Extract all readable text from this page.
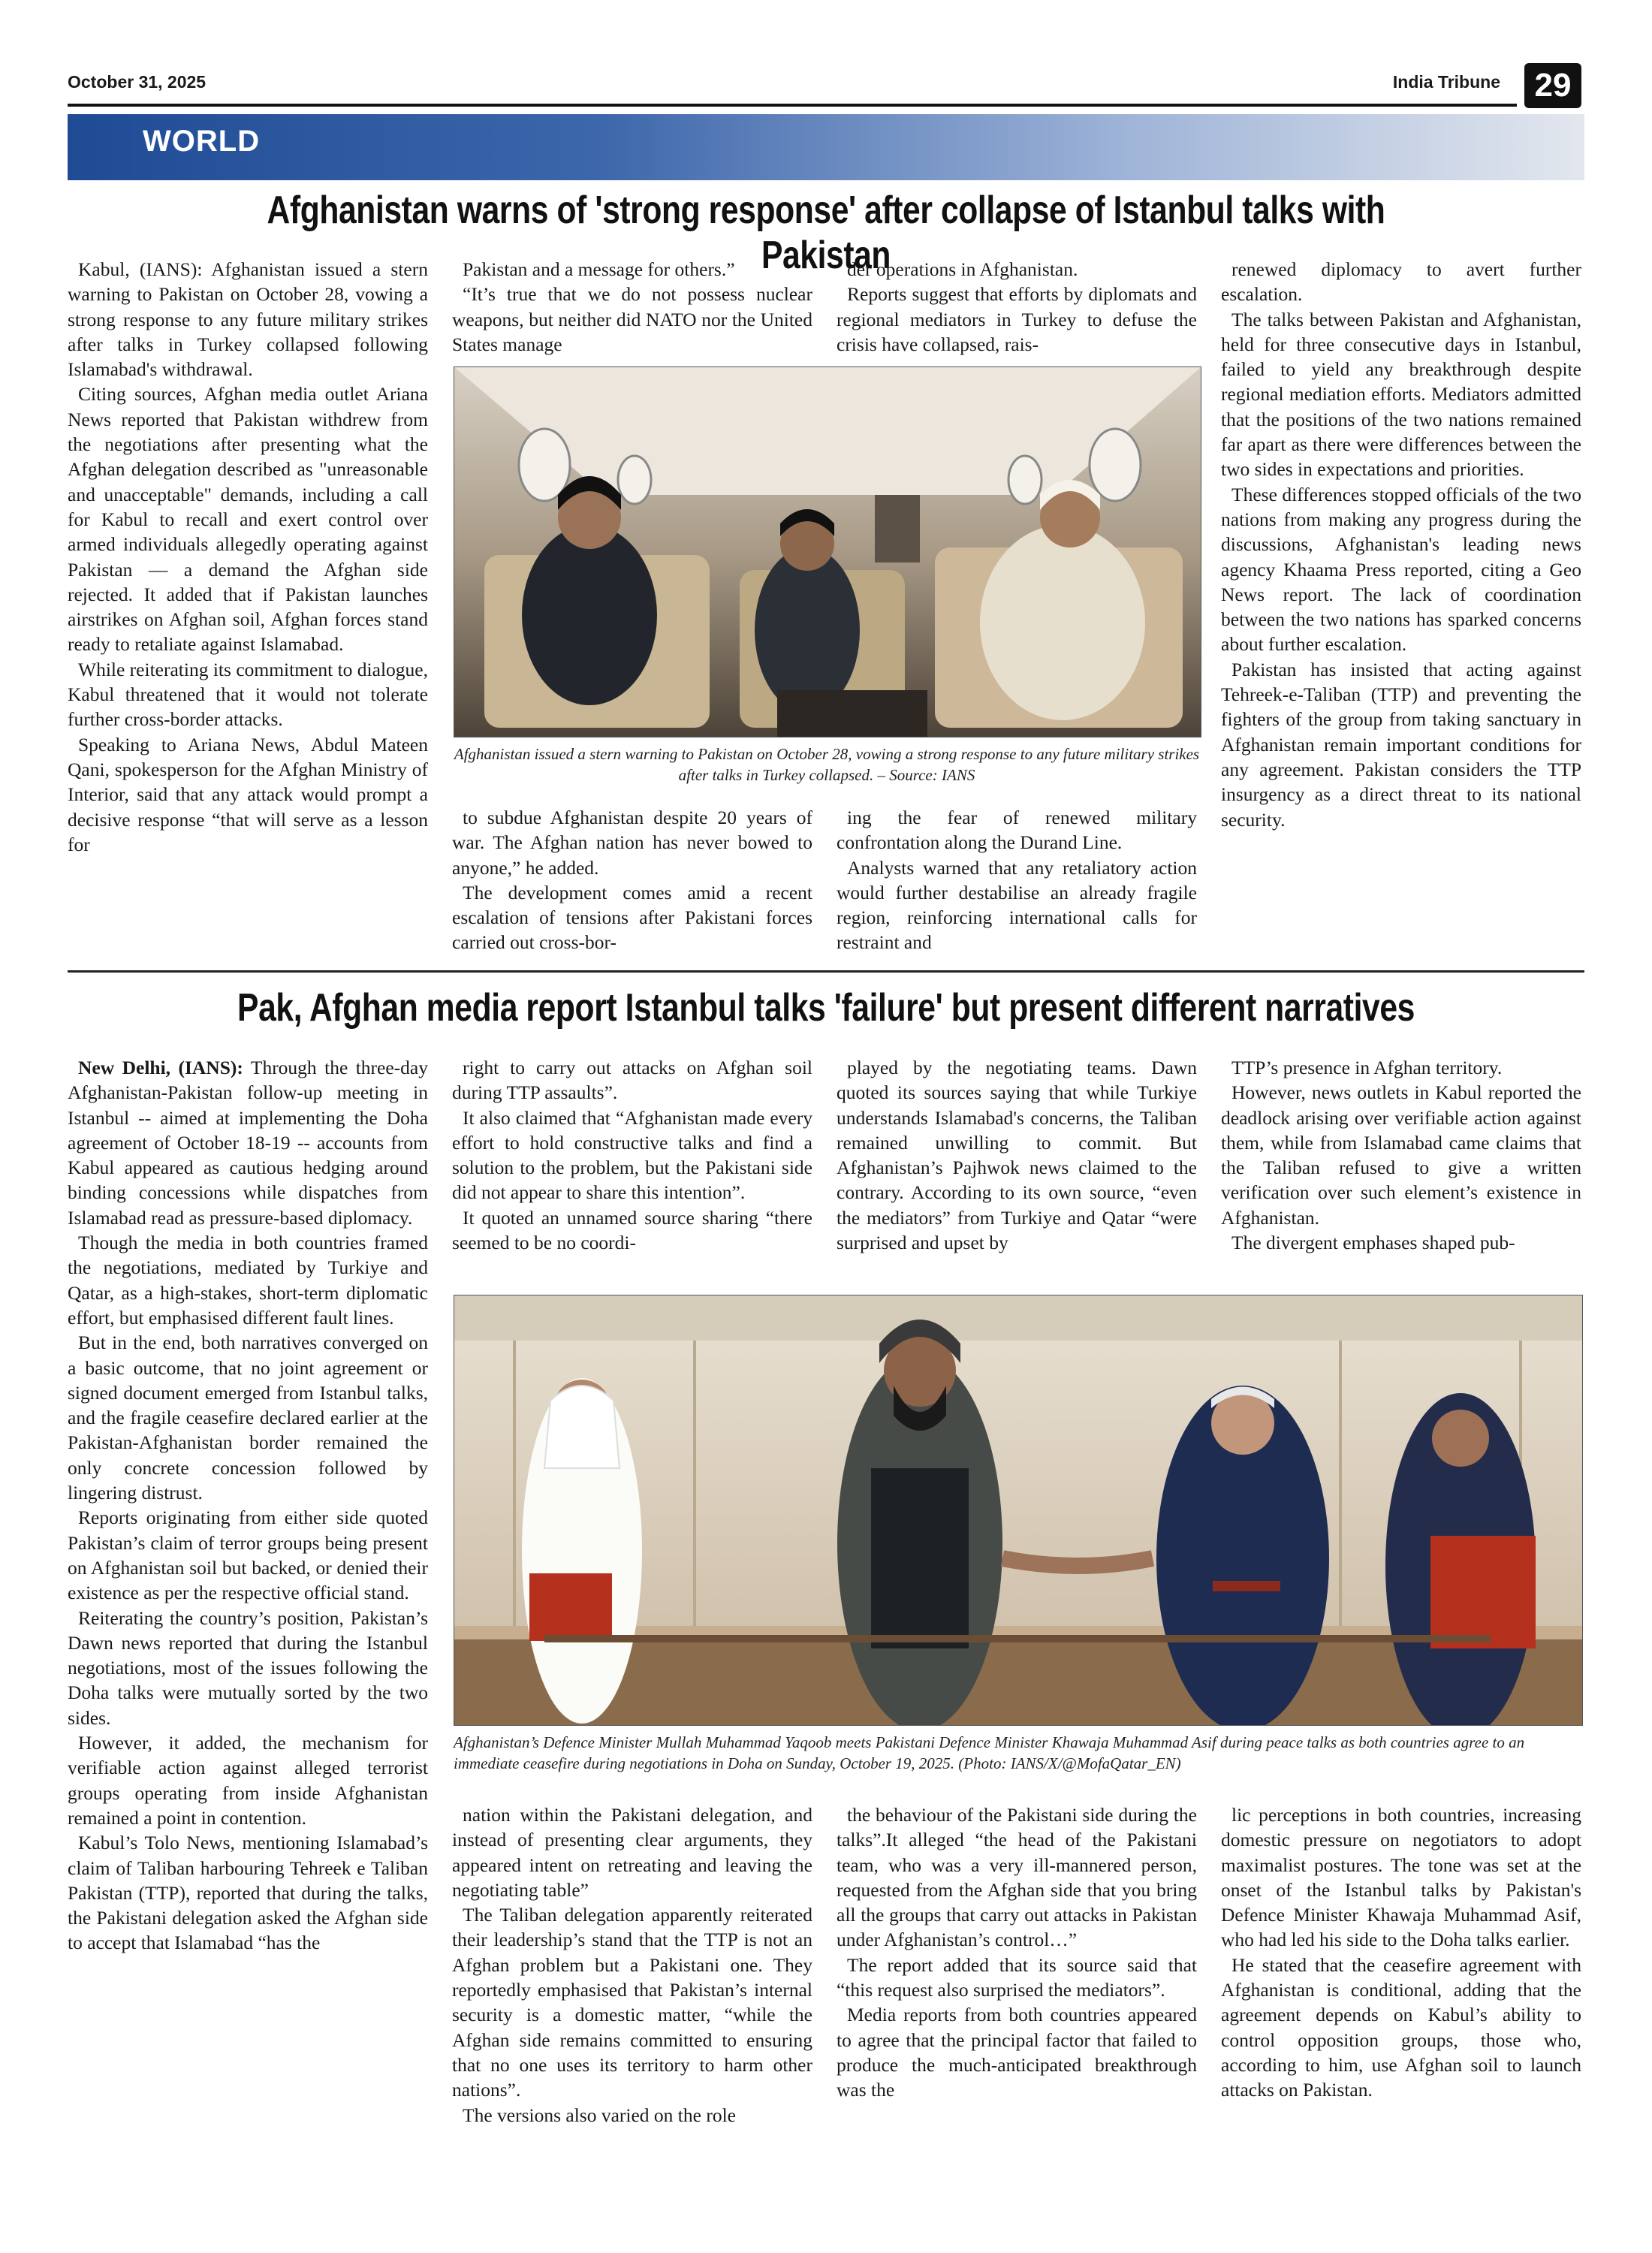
October 31, 2025	India Tribune	29
WORLD
Afghanistan warns of 'strong response' after collapse of Istanbul talks with Pakistan

Kabul, (IANS): Afghanistan issued a stern warning to Pakistan on October 28, vowing a strong response to any future military strikes after talks in Turkey collapsed following Islamabad's withdrawal.

Citing sources, Afghan media outlet Ariana News reported that Pakistan withdrew from the negotiations after presenting what the Afghan delegation described as "unreasonable and unacceptable" demands, including a call for Kabul to recall and exert control over armed individuals allegedly operating against Pakistan — a demand the Afghan side rejected. It added that if Pakistan launches airstrikes on Afghan soil, Afghan forces stand ready to retaliate against Islamabad.

While reiterating its commitment to dialogue, Kabul threatened that it would not tolerate further cross-border attacks.

Speaking to Ariana News, Abdul Mateen Qani, spokesperson for the Afghan Ministry of Interior, said that any attack would prompt a decisive response “that will serve as a lesson for

Pakistan and a message for others.”

“It’s true that we do not possess nuclear weapons, but neither did NATO nor the United States manage

der operations in Afghanistan.

Reports suggest that efforts by diplomats and regional mediators in Turkey to defuse the crisis have collapsed, rais-

Afghanistan issued a stern warning to Pakistan on October 28, vowing a strong response to any future military strikes after talks in Turkey collapsed. – Source: IANS

to subdue Afghanistan despite 20 years of war. The Afghan nation has never bowed to anyone,” he added.

The development comes amid a recent escalation of tensions after Pakistani forces carried out cross-bor-

ing the fear of renewed military confrontation along the Durand Line.

Analysts warned that any retaliatory action would further destabilise an already fragile region, reinforcing international calls for restraint and

renewed diplomacy to avert further escalation.

The talks between Pakistan and Afghanistan, held for three consecutive days in Istanbul, failed to yield any breakthrough despite regional mediation efforts. Mediators admitted that the positions of the two nations remained far apart as there were differences between the two sides in expectations and priorities.

These differences stopped officials of the two nations from making any progress during the discussions, Afghanistan's leading news agency Khaama Press reported, citing a Geo News report. The lack of coordination between the two nations has sparked concerns about further escalation.

Pakistan has insisted that acting against Tehreek-e-Taliban (TTP) and preventing the fighters of the group from taking sanctuary in Afghanistan remain important conditions for any agreement. Pakistan considers the TTP insurgency as a direct threat to its national security.

Pak, Afghan media report Istanbul talks 'failure' but present different narratives

New Delhi, (IANS): Through the three-day Afghanistan-Pakistan follow-up meeting in Istanbul -- aimed at implementing the Doha agreement of October 18-19 -- accounts from Kabul appeared as cautious hedging around binding concessions while dispatches from Islamabad read as pressure-based diplomacy.

Though the media in both countries framed the negotiations, mediated by Turkiye and Qatar, as a high-stakes, short-term diplomatic effort, but emphasised different fault lines.

But in the end, both narratives converged on a basic outcome, that no joint agreement or signed document emerged from Istanbul talks, and the fragile ceasefire declared earlier at the Pakistan-Afghanistan border remained the only concrete concession followed by lingering distrust.

Reports originating from either side quoted Pakistan’s claim of terror groups being present on Afghanistan soil but backed, or denied their existence as per the respective official stand.

Reiterating the country’s position, Pakistan’s Dawn news reported that during the Istanbul negotiations, most of the issues following the Doha talks were mutually sorted by the two sides.

However, it added, the mechanism for verifiable action against alleged terrorist groups operating from inside Afghanistan remained a point in contention.

Kabul’s Tolo News, mentioning Islamabad’s claim of Taliban harbouring Tehreek e Taliban Pakistan (TTP), reported that during the talks, the Pakistani delegation asked the Afghan side to accept that Islamabad “has the

right to carry out attacks on Afghan soil during TTP assaults”.

It also claimed that “Afghanistan made every effort to hold constructive talks and find a solution to the problem, but the Pakistani side did not appear to share this intention”.

It quoted an unnamed source sharing “there seemed to be no coordi-

played by the negotiating teams. Dawn quoted its sources saying that while Turkiye understands Islamabad's concerns, the Taliban remained unwilling to commit. But Afghanistan’s Pajhwok news claimed to the contrary. According to its own source, “even the mediators” from Turkiye and Qatar “were surprised and upset by

TTP’s presence in Afghan territory.

However, news outlets in Kabul reported the deadlock arising over verifiable action against them, while from Islamabad came claims that the Taliban refused to give a written verification over such element’s existence in Afghanistan.

The divergent emphases shaped pub-

Afghanistan’s Defence Minister Mullah Muhammad Yaqoob meets Pakistani Defence Minister Khawaja Muhammad Asif during peace talks as both countries agree to an immediate ceasefire during negotiations in Doha on Sunday, October 19, 2025. (Photo: IANS/X/@MofaQatar_EN)

nation within the Pakistani delegation, and instead of presenting clear arguments, they appeared intent on retreating and leaving the negotiating table”

The Taliban delegation apparently reiterated their leadership’s stand that the TTP is not an Afghan problem but a Pakistani one. They reportedly emphasised that Pakistan’s internal security is a domestic matter, “while the Afghan side remains committed to ensuring that no one uses its territory to harm other nations”.

The versions also varied on the role

the behaviour of the Pakistani side during the talks”.It alleged “the head of the Pakistani team, who was a very ill-mannered person, requested from the Afghan side that you bring all the groups that carry out attacks in Pakistan under Afghanistan’s control…”

The report added that its source said that “this request also surprised the mediators”.

Media reports from both countries appeared to agree that the principal factor that failed to produce the much-anticipated breakthrough was the

lic perceptions in both countries, increasing domestic pressure on negotiators to adopt maximalist postures. The tone was set at the onset of the Istanbul talks by Pakistan's Defence Minister Khawaja Muhammad Asif, who had led his side to the Doha talks earlier.

He stated that the ceasefire agreement with Afghanistan is conditional, adding that the agreement depends on Kabul’s ability to control opposition groups, those who, according to him, use Afghan soil to launch attacks on Pakistan.
